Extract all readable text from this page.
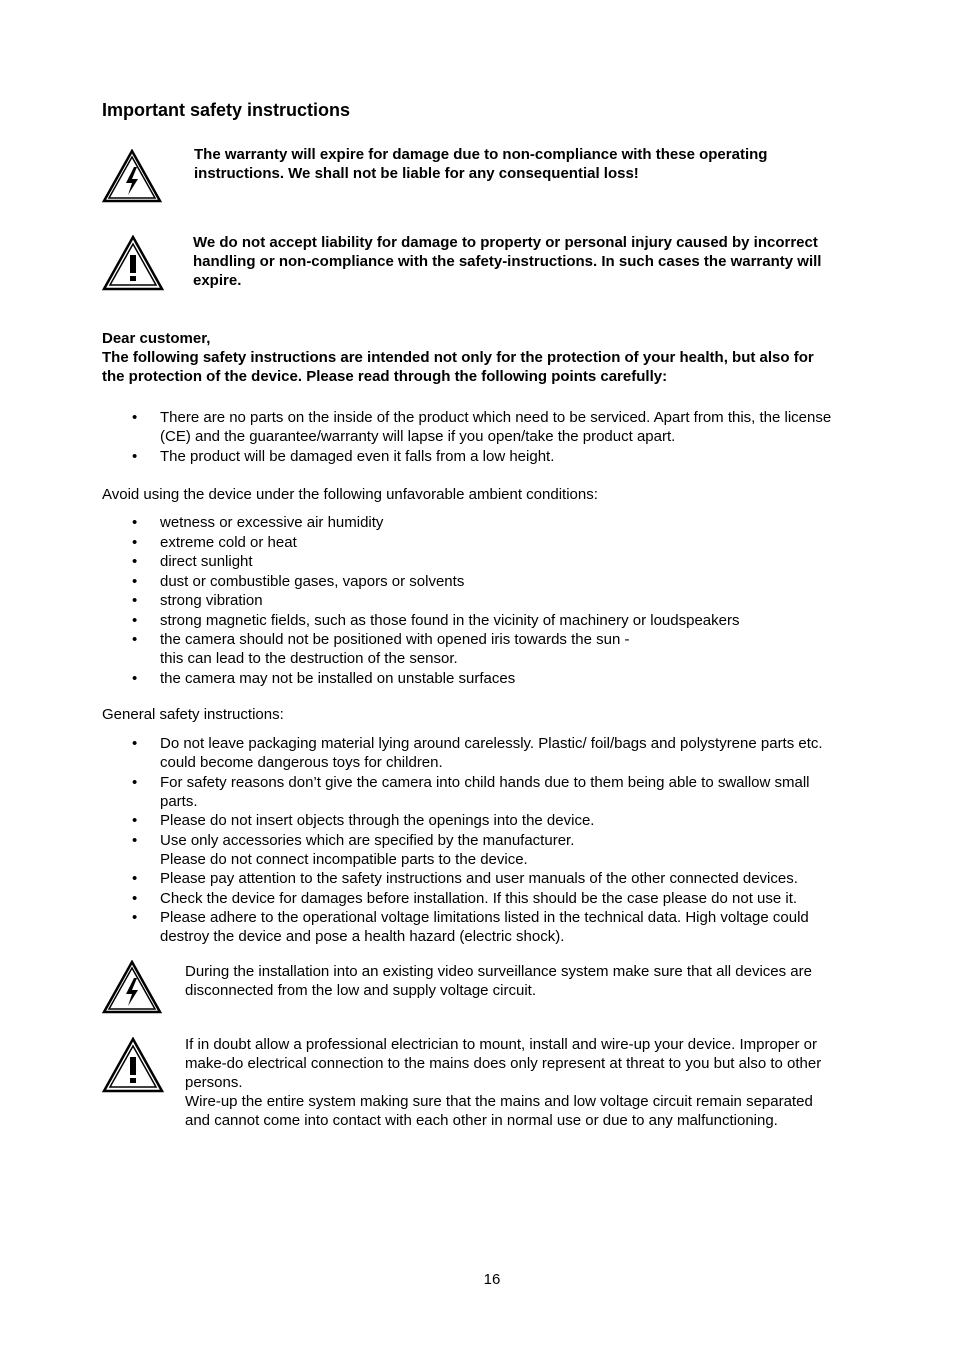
Important safety instructions
The warranty will expire for damage due to non-compliance with these operating
instructions. We shall not be liable for any consequential loss!
We do not accept liability for damage to property or personal injury caused by incorrect
handling or non-compliance with the safety-instructions. In such cases the warranty will
expire.

Dear customer,

The following safety instructions are intended not only for the protection of your health, but also for

the protection of the device. Please read through the following points carefully:

• There are no parts on the inside of the product which need to be serviced. Apart from this, the license
(CE) and the guarantee/warranty will lapse if you open/take the product apart.
• The product will be damaged even it falls from a low height.

Avoid using the device under the following unfavorable ambient conditions:

• wetness or excessive air humidity
• extreme cold or heat
• direct sunlight
• dust or combustible gases, vapors or solvents
• strong vibration
• strong magnetic fields, such as those found in the vicinity of machinery or loudspeakers
• the camera should not be positioned with opened iris towards the sun -
this can lead to the destruction of the sensor.
• the camera may not be installed on unstable surfaces

General safety instructions:

• Do not leave packaging material lying around carelessly. Plastic/ foil/bags and polystyrene parts etc.
could become dangerous toys for children.
• For safety reasons don’t give the camera into child hands due to them being able to swallow small
parts.
• Please do not insert objects through the openings into the device.
• Use only accessories which are specified by the manufacturer.
Please do not connect incompatible parts to the device.
• Please pay attention to the safety instructions and user manuals of the other connected devices.
• Check the device for damages before installation. If this should be the case please do not use it.
• Please adhere to the operational voltage limitations listed in the technical data. High voltage could
destroy the device and pose a health hazard (electric shock).
During the installation into an existing video surveillance system make sure that all devices are
disconnected from the low and supply voltage circuit.
If in doubt allow a professional electrician to mount, install and wire-up your device. Improper or
make-do electrical connection to the mains does only represent at threat to you but also to other
persons.
Wire-up the entire system making sure that the mains and low voltage circuit remain separated
and cannot come into contact with each other in normal use or due to any malfunctioning.
16
